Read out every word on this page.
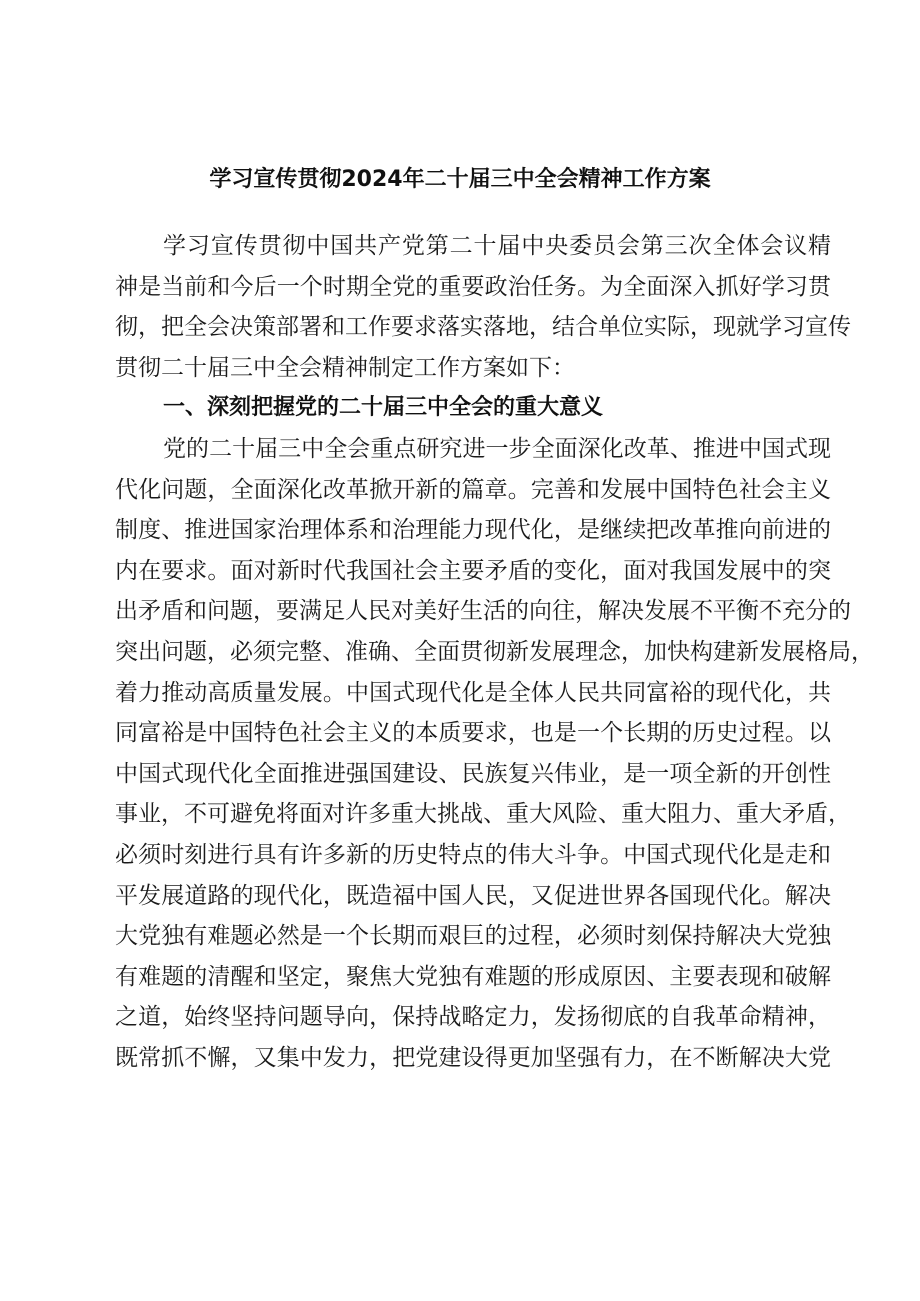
学习宣传贯彻2024年二十届三中全会精神工作方案
学习宣传贯彻中国共产党第二十届中央委员会第三次全体会议精
神是当前和今后一个时期全党的重要政治任务。为全面深入抓好学习贯
彻，把全会决策部署和工作要求落实落地，结合单位实际，现就学习宣传
贯彻二十届三中全会精神制定工作方案如下：
一、深刻把握党的二十届三中全会的重大意义
党的二十届三中全会重点研究进一步全面深化改革、推进中国式现
代化问题，全面深化改革掀开新的篇章。完善和发展中国特色社会主义
制度、推进国家治理体系和治理能力现代化，是继续把改革推向前进的
内在要求。面对新时代我国社会主要矛盾的变化，面对我国发展中的突
出矛盾和问题，要满足人民对美好生活的向往，解决发展不平衡不充分的
突出问题，必须完整、准确、全面贯彻新发展理念，加快构建新发展格局，
着力推动高质量发展。中国式现代化是全体人民共同富裕的现代化，共
同富裕是中国特色社会主义的本质要求，也是一个长期的历史过程。以
中国式现代化全面推进强国建设、民族复兴伟业，是一项全新的开创性
事业，不可避免将面对许多重大挑战、重大风险、重大阻力、重大矛盾，
必须时刻进行具有许多新的历史特点的伟大斗争。中国式现代化是走和
平发展道路的现代化，既造福中国人民，又促进世界各国现代化。解决
大党独有难题必然是一个长期而艰巨的过程，必须时刻保持解决大党独
有难题的清醒和坚定，聚焦大党独有难题的形成原因、主要表现和破解
之道，始终坚持问题导向，保持战略定力，发扬彻底的自我革命精神，
既常抓不懈，又集中发力，把党建设得更加坚强有力，在不断解决大党
